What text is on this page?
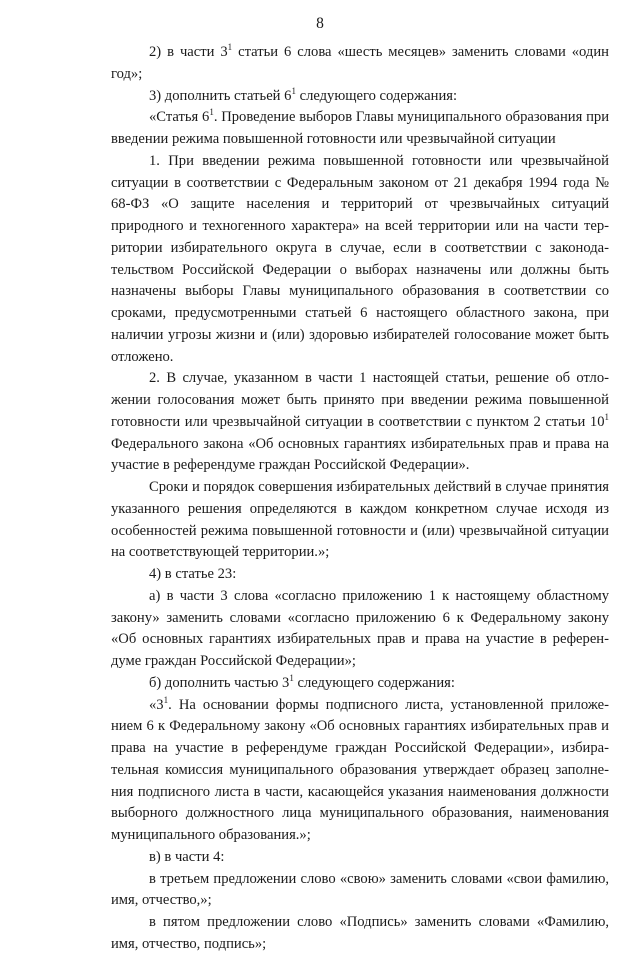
8

2) в части $3^1$ статьи 6 слова «шесть месяцев» заменить словами «один год»;

3) дополнить статьей $6^1$ следующего содержания:

«Статья $6^1$. Проведение выборов Главы муниципального образования при введении режима повышенной готовности или чрезвычайной ситуации

1. При введении режима повышенной готовности или чрезвычайной ситуации в соответствии с Федеральным законом от 21 декабря 1994 года № 68-ФЗ «О защите населения и территорий от чрезвычайных ситуаций природного и техногенного характера» на всей территории или на части территории избирательного округа в случае, если в соответствии с законодательством Российской Федерации о выборах назначены или должны быть назначены выборы Главы муниципального образования в соответствии со сроками, предусмотренными статьей 6 настоящего областного закона, при наличии угрозы жизни и (или) здоровью избирателей голосование может быть отложено.

2. В случае, указанном в части 1 настоящей статьи, решение об отложении голосования может быть принято при введении режима повышенной готовности или чрезвычайной ситуации в соответствии с пунктом 2 статьи $10^1$ Федерального закона «Об основных гарантиях избирательных прав и права на участие в референдуме граждан Российской Федерации».

Сроки и порядок совершения избирательных действий в случае принятия указанного решения определяются в каждом конкретном случае исходя из особенностей режима повышенной готовности и (или) чрезвычайной ситуации на соответствующей территории.»;

4) в статье 23:

а) в части 3 слова «согласно приложению 1 к настоящему областному закону» заменить словами «согласно приложению 6 к Федеральному закону «Об основных гарантиях избирательных прав и права на участие в референдуме граждан Российской Федерации»;

б) дополнить частью $3^1$ следующего содержания:

«$3^1$. На основании формы подписного листа, установленной приложением 6 к Федеральному закону «Об основных гарантиях избирательных прав и права на участие в референдуме граждан Российской Федерации», избирательная комиссия муниципального образования утверждает образец заполнения подписного листа в части, касающейся указания наименования должности выборного должностного лица муниципального образования, наименования муниципального образования.»;

в) в части 4:

в третьем предложении слово «свою» заменить словами «свои фамилию, имя, отчество,»;

в пятом предложении слово «Подпись» заменить словами «Фамилию, имя, отчество, подпись»;
